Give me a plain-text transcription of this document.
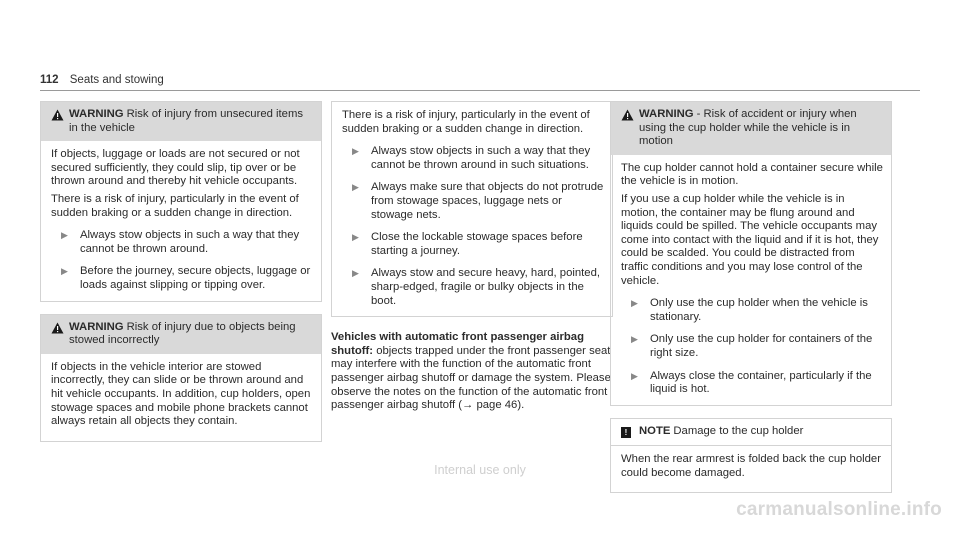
112 Seats and stowing
WARNING Risk of injury from unsecured items in the vehicle

If objects, luggage or loads are not secured or not secured sufficiently, they could slip, tip over or be thrown around and thereby hit vehicle occupants.

There is a risk of injury, particularly in the event of sudden braking or a sudden change in direction.

▶	Always stow objects in such a way that they cannot be thrown around.
▶	Before the journey, secure objects, luggage or loads against slipping or tipping over.
WARNING Risk of injury due to objects being stowed incorrectly

If objects in the vehicle interior are stowed incorrectly, they can slide or be thrown around and hit vehicle occupants. In addition, cup holders, open stowage spaces and mobile phone brackets cannot always retain all objects they contain.

There is a risk of injury, particularly in the event of sudden braking or a sudden change in direction.

▶	Always stow objects in such a way that they cannot be thrown around in such situations.
▶	Always make sure that objects do not protrude from stowage spaces, luggage nets or stowage nets.
▶	Close the lockable stowage spaces before starting a journey.
▶	Always stow and secure heavy, hard, pointed, sharp-edged, fragile or bulky objects in the boot.

Vehicles with automatic front passenger airbag shutoff: objects trapped under the front passenger seat may interfere with the function of the automatic front passenger airbag shutoff or damage the system. Please observe the notes on the function of the automatic front passenger airbag shutoff (→ page 46).

WARNING - Risk of accident or injury when using the cup holder while the vehicle is in motion

The cup holder cannot hold a container secure while the vehicle is in motion.

If you use a cup holder while the vehicle is in motion, the container may be flung around and liquids could be spilled. The vehicle occupants may come into contact with the liquid and if it is hot, they could be scalded. You could be distracted from traffic conditions and you may lose control of the vehicle.

▶	Only use the cup holder when the vehicle is stationary.
▶	Only use the cup holder for containers of the right size.
▶	Always close the container, particularly if the liquid is hot.
!	NOTE Damage to the cup holder

When the rear armrest is folded back the cup holder could become damaged.

Internal use only
carmanualsonline.info
